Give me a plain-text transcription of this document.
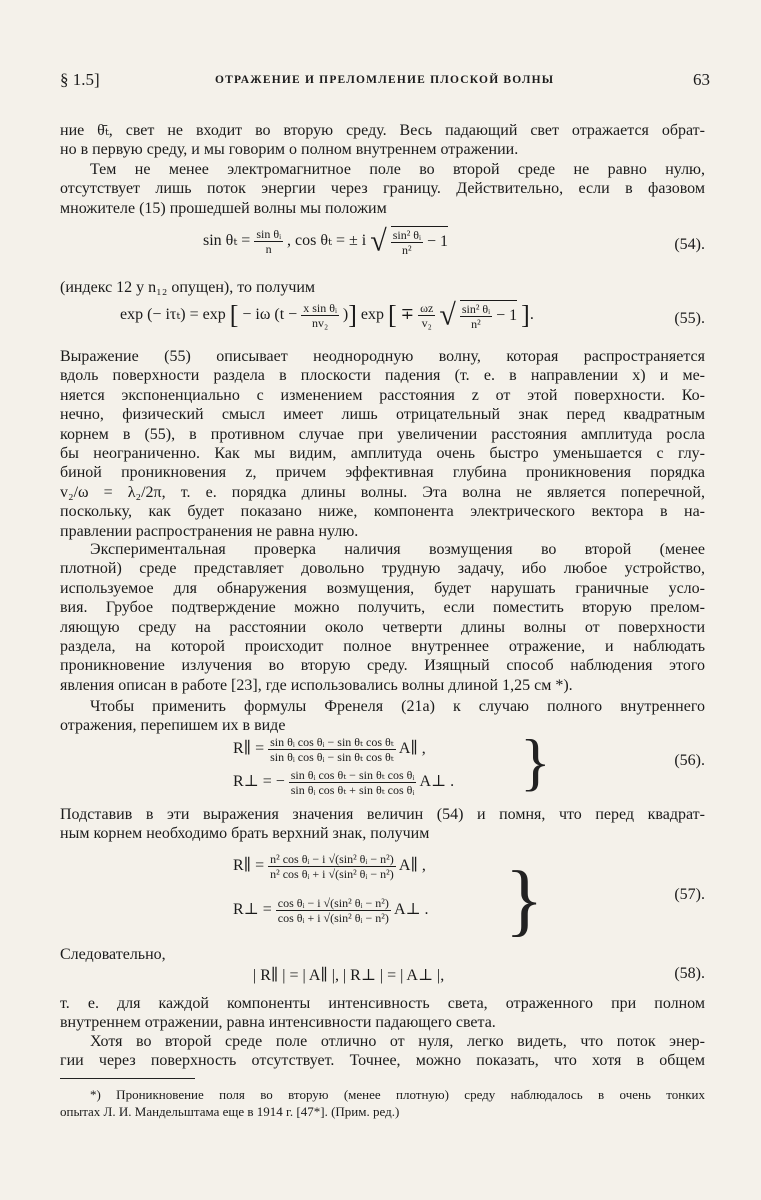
§ 1.5]	ОТРАЖЕНИЕ И ПРЕЛОМЛЕНИЕ ПЛОСКОЙ ВОЛНЫ	63
ние θ̄ₜ, свет не входит во вторую среду. Весь падающий свет отражается обрат-
но в первую среду, и мы говорим о полном внутреннем отражении.
Тем не менее электромагнитное поле во второй среде не равно нулю,
отсутствует лишь поток энергии через границу. Действительно, если в фазовом
множителе (15) прошедшей волны мы положим
$\sin \theta_t = \frac{\text{sin θᵢ}}{n}$ , cos θₜ = ± i √ $\frac{\text{sin² θᵢ}}{\text{n²}} - 1$	(54).
(индекс 12 у n₁₂ опущен), то получим
exp (− iτₜ) = exp [ − iω ($t - \frac{\text{x sin θᵢ}}{\text{nv₂}}$ )] exp [ ∓ $\frac{\omega z}{\text{v₂}}$ √ $\frac{\text{sin² θᵢ}}{\text{n²}} - 1$ ].	(55).
Выражение (55) описывает неоднородную волну, которая распространяется
вдоль поверхности раздела в плоскости падения (т. е. в направлении x) и ме-
няется экспоненциально с изменением расстояния z от этой поверхности. Ко-
нечно, физический смысл имеет лишь отрицательный знак перед квадратным
корнем в (55), в противном случае при увеличении расстояния амплитуда росла
бы неограниченно. Как мы видим, амплитуда очень быстро уменьшается с глу-
биной проникновения z, причем эффективная глубина проникновения порядка
v₂/ω = λ₂/2π, т. е. порядка длины волны. Эта волна не является поперечной,
поскольку, как будет показано ниже, компонента электрического вектора в на-
правлении распространения не равна нулю.
Экспериментальная проверка наличия возмущения во второй (менее
плотной) среде представляет довольно трудную задачу, ибо любое устройство,
используемое для обнаружения возмущения, будет нарушать граничные усло-
вия. Грубое подтверждение можно получить, если поместить вторую прелом-
ляющую среду на расстоянии около четверти длины волны от поверхности
раздела, на которой происходит полное внутреннее отражение, и наблюдать
проникновение излучения во вторую среду. Изящный способ наблюдения этого
явления описан в работе [23], где использовались волны длиной 1,25 см *).
Чтобы применить формулы Френеля (21а) к случаю полного внутреннего
отражения, перепишем их в виде
R∥ = $\frac{\text{sin θᵢ cos θᵢ − sin θₜ cos θₜ}}{\text{sin θᵢ cos θᵢ − sin θₜ cos θₜ}}$ A∥ ,
R⊥ = − $\frac{\text{sin θᵢ cos θₜ − sin θₜ cos θᵢ}}{\text{sin θᵢ cos θₜ + sin θₜ cos θᵢ}}$ A⊥ . }	(56).
Подставив в эти выражения значения величин (54) и помня, что перед квадрат-
ным корнем необходимо брать верхний знак, получим
R∥ = $\frac{\text{n² cos θᵢ − i √(sin² θᵢ − n²)}}{\text{n² cos θᵢ + i √(sin² θᵢ − n²)}}$ A∥ ,
R⊥ = $\frac{\text{cos θᵢ − i √(sin² θᵢ − n²)}}{\text{cos θᵢ + i √(sin² θᵢ − n²)}}$ A⊥ . }	(57).
Следовательно,
| R∥ | = | A∥ |, | R⊥ | = | A⊥ |,	(58).
т. е. для каждой компоненты интенсивность света, отраженного при полном
внутреннем отражении, равна интенсивности падающего света.
Хотя во второй среде поле отлично от нуля, легко видеть, что поток энер-
гии через поверхность отсутствует. Точнее, можно показать, что хотя в общем
*) Проникновение поля во вторую (менее плотную) среду наблюдалось в очень тонких
опытах Л. И. Мандельштама еще в 1914 г. [47*]. (Прим. ред.)
